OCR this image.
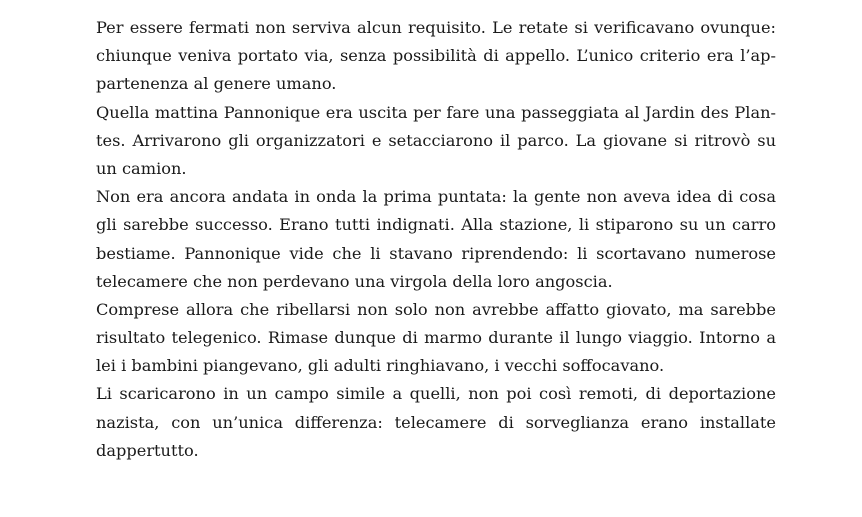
Per essere fermati non serviva alcun requisito. Le retate si verificavano ovunque:
chiunque veniva portato via, senza possibilità di appello. L’unico criterio era l’ap-
partenenza al genere umano.
Quella mattina Pannonique era uscita per fare una passeggiata al Jardin des Plan-
tes. Arrivarono gli organizzatori e setacciarono il parco. La giovane si ritrovò su
un camion.
Non era ancora andata in onda la prima puntata: la gente non aveva idea di cosa
gli sarebbe successo. Erano tutti indignati. Alla stazione, li stiparono su un carro
bestiame. Pannonique vide che li stavano riprendendo: li scortavano numerose
telecamere che non perdevano una virgola della loro angoscia.
Comprese allora che ribellarsi non solo non avrebbe affatto giovato, ma sarebbe
risultato telegenico. Rimase dunque di marmo durante il lungo viaggio. Intorno a
lei i bambini piangevano, gli adulti ringhiavano, i vecchi soffocavano.
Li scaricarono in un campo simile a quelli, non poi così remoti, di deportazione
nazista, con un’unica differenza: telecamere di sorveglianza erano installate
dappertutto.
